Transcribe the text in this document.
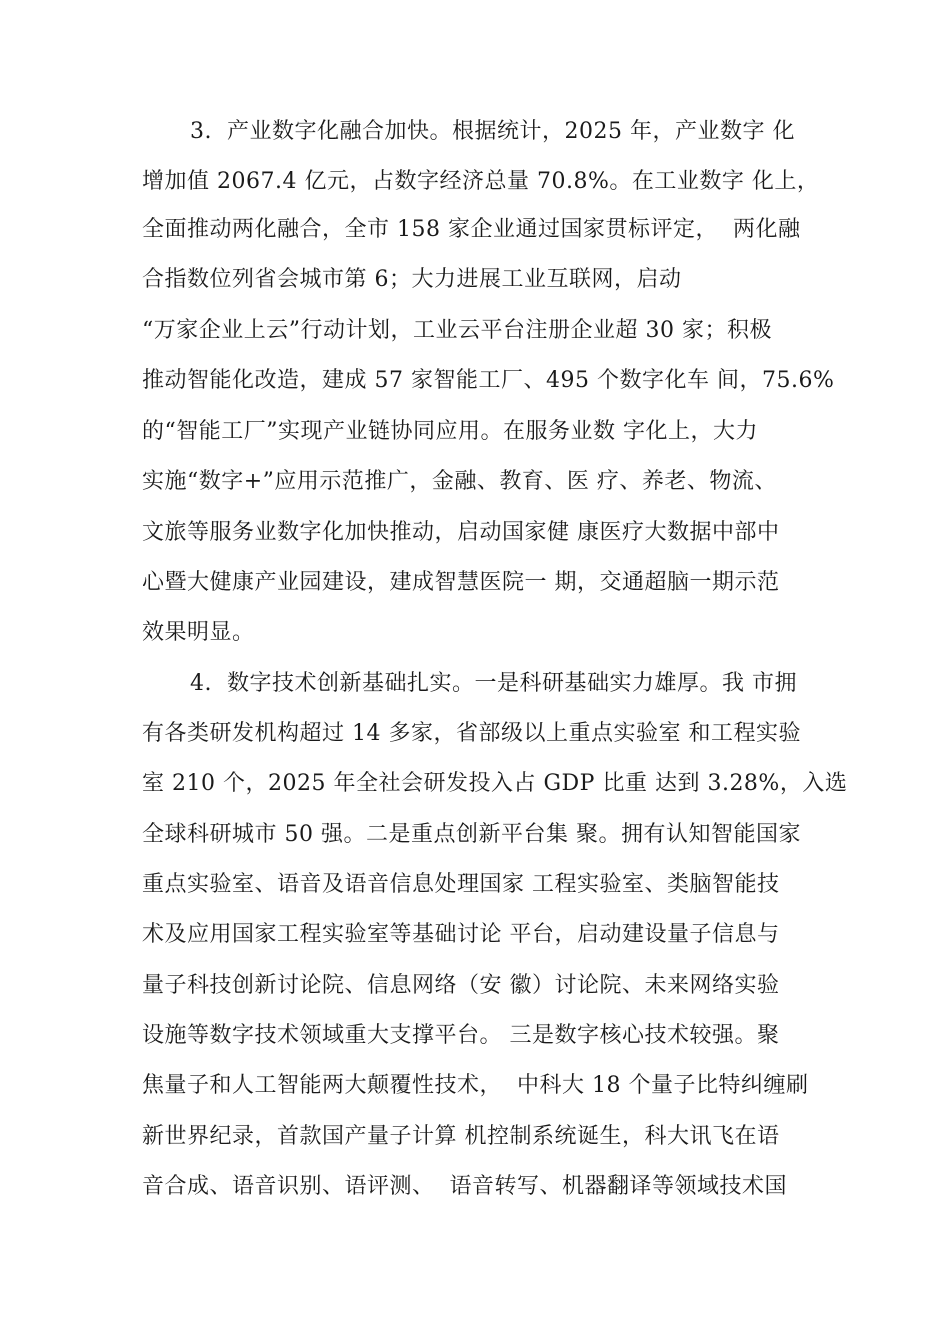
3.  产业数字化融合加快。根据统计，2025 年，产业数字 化
增加值 2067.4 亿元，占数字经济总量 70.8%。在工业数字 化上，
全面推动两化融合，全市 158 家企业通过国家贯标评定，  两化融
合指数位列省会城市第 6；大力进展工业互联网，启动
“万家企业上云”行动计划，工业云平台注册企业超 30 家；积极
推动智能化改造，建成 57 家智能工厂、495 个数字化车 间，75.6%
的“智能工厂”实现产业链协同应用。在服务业数 字化上，大力
实施“数字+”应用示范推广，金融、教育、医 疗、养老、物流、
文旅等服务业数字化加快推动，启动国家健 康医疗大数据中部中
心暨大健康产业园建设，建成智慧医院一 期，交通超脑一期示范
效果明显。
4.  数字技术创新基础扎实。一是科研基础实力雄厚。我 市拥
有各类研发机构超过 14 多家，省部级以上重点实验室 和工程实验
室 210 个，2025 年全社会研发投入占 GDP 比重 达到 3.28%，入选
全球科研城市 50 强。二是重点创新平台集 聚。拥有认知智能国家
重点实验室、语音及语音信息处理国家 工程实验室、类脑智能技
术及应用国家工程实验室等基础讨论 平台，启动建设量子信息与
量子科技创新讨论院、信息网络（安 徽）讨论院、未来网络实验
设施等数字技术领域重大支撑平台。 三是数字核心技术较强。聚
焦量子和人工智能两大颠覆性技术，  中科大 18 个量子比特纠缠刷
新世界纪录，首款国产量子计算 机控制系统诞生，科大讯飞在语
音合成、语音识别、语评测、  语音转写、机器翻译等领域技术国
